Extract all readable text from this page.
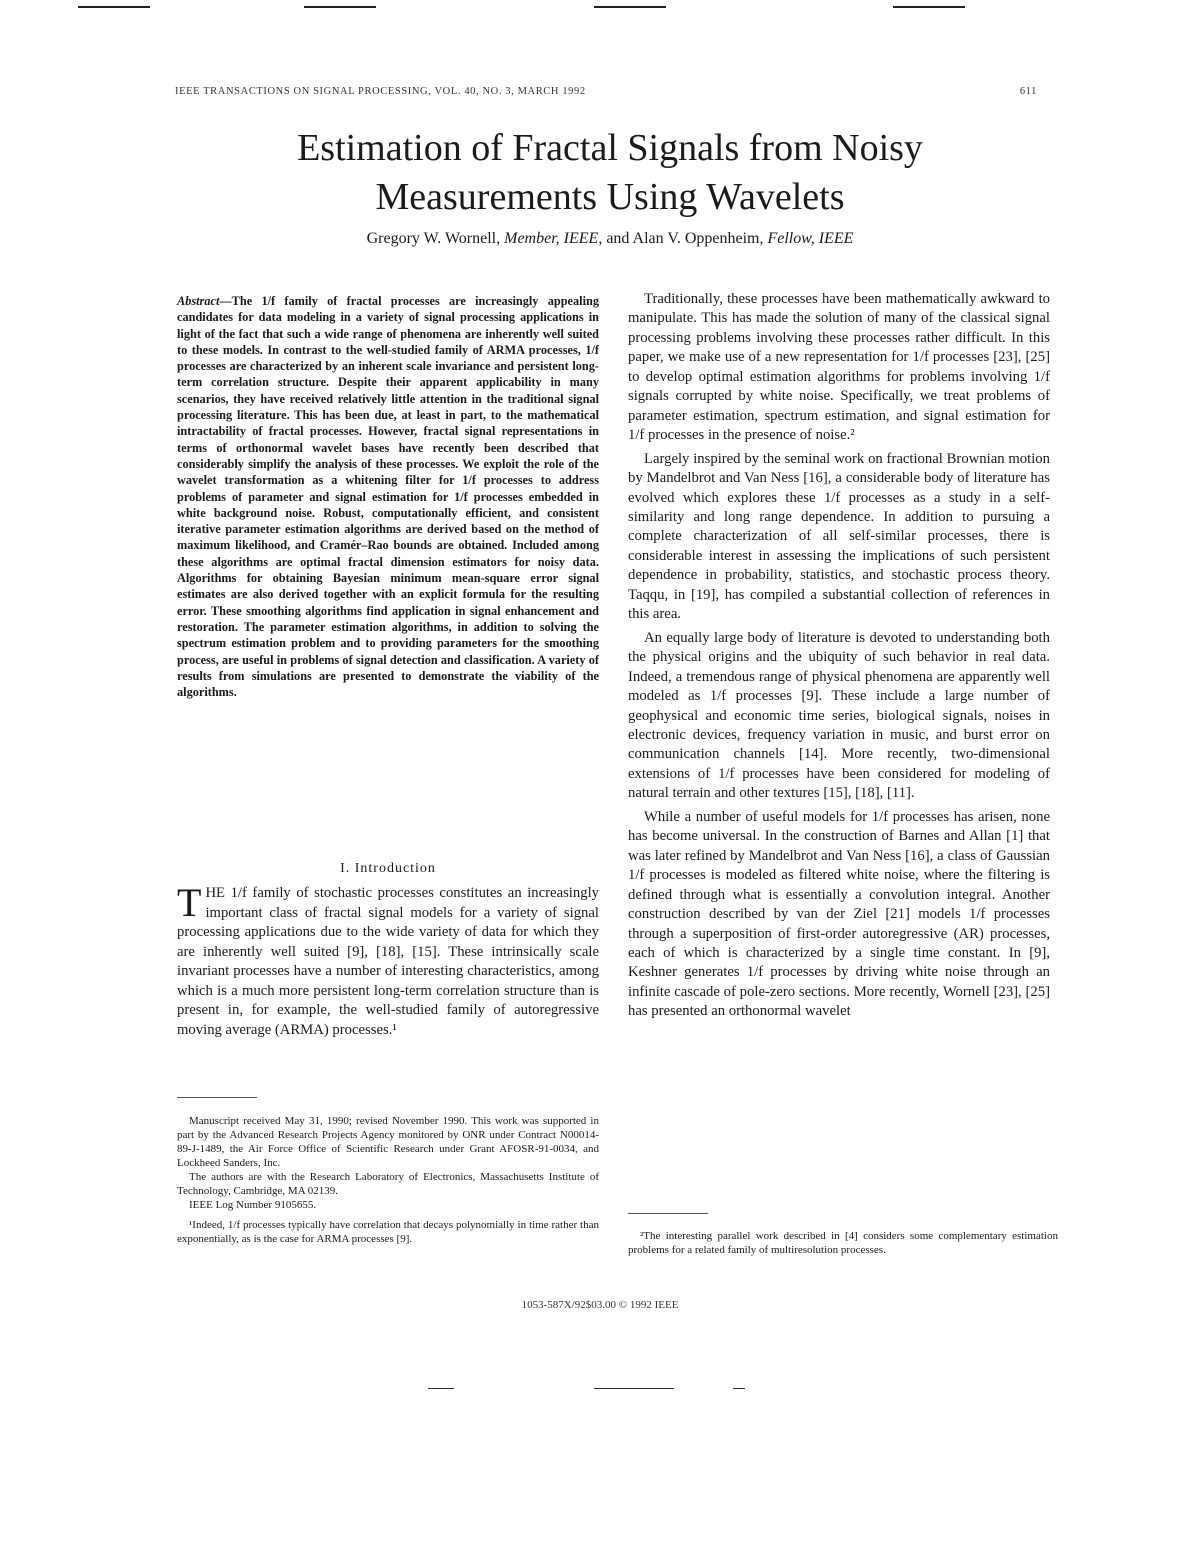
IEEE TRANSACTIONS ON SIGNAL PROCESSING, VOL. 40, NO. 3, MARCH 1992	611
Estimation of Fractal Signals from Noisy
Measurements Using Wavelets
Gregory W. Wornell, Member, IEEE, and Alan V. Oppenheim, Fellow, IEEE
Abstract—The 1/f family of fractal processes are increasingly appealing candidates for data modeling in a variety of signal processing applications in light of the fact that such a wide range of phenomena are inherently well suited to these models. In contrast to the well-studied family of ARMA processes, 1/f processes are characterized by an inherent scale invariance and persistent long-term correlation structure. Despite their apparent applicability in many scenarios, they have received relatively little attention in the traditional signal processing literature. This has been due, at least in part, to the mathematical intractability of fractal processes. However, fractal signal representations in terms of orthonormal wavelet bases have recently been described that considerably simplify the analysis of these processes. We exploit the role of the wavelet transformation as a whitening filter for 1/f processes to address problems of parameter and signal estimation for 1/f processes embedded in white background noise. Robust, computationally efficient, and consistent iterative parameter estimation algorithms are derived based on the method of maximum likelihood, and Cramér–Rao bounds are obtained. Included among these algorithms are optimal fractal dimension estimators for noisy data. Algorithms for obtaining Bayesian minimum mean-square error signal estimates are also derived together with an explicit formula for the resulting error. These smoothing algorithms find application in signal enhancement and restoration. The parameter estimation algorithms, in addition to solving the spectrum estimation problem and to providing parameters for the smoothing process, are useful in problems of signal detection and classification. A variety of results from simulations are presented to demonstrate the viability of the algorithms.
I. Introduction
THE 1/f family of stochastic processes constitutes an increasingly important class of fractal signal models for a variety of signal processing applications due to the wide variety of data for which they are inherently well suited [9], [18], [15]. These intrinsically scale invariant processes have a number of interesting characteristics, among which is a much more persistent long-term correlation structure than is present in, for example, the well-studied family of autoregressive moving average (ARMA) processes.¹

Manuscript received May 31, 1990; revised November 1990. This work was supported in part by the Advanced Research Projects Agency monitored by ONR under Contract N00014-89-J-1489, the Air Force Office of Scientific Research under Grant AFOSR-91-0034, and Lockheed Sanders, Inc.

The authors are with the Research Laboratory of Electronics, Massachusetts Institute of Technology, Cambridge, MA 02139.

IEEE Log Number 9105655.

¹Indeed, 1/f processes typically have correlation that decays polynomially in time rather than exponentially, as is the case for ARMA processes [9].

Traditionally, these processes have been mathematically awkward to manipulate. This has made the solution of many of the classical signal processing problems involving these processes rather difficult. In this paper, we make use of a new representation for 1/f processes [23], [25] to develop optimal estimation algorithms for problems involving 1/f signals corrupted by white noise. Specifically, we treat problems of parameter estimation, spectrum estimation, and signal estimation for 1/f processes in the presence of noise.²

Largely inspired by the seminal work on fractional Brownian motion by Mandelbrot and Van Ness [16], a considerable body of literature has evolved which explores these 1/f processes as a study in a self-similarity and long range dependence. In addition to pursuing a complete characterization of all self-similar processes, there is considerable interest in assessing the implications of such persistent dependence in probability, statistics, and stochastic process theory. Taqqu, in [19], has compiled a substantial collection of references in this area.

An equally large body of literature is devoted to understanding both the physical origins and the ubiquity of such behavior in real data. Indeed, a tremendous range of physical phenomena are apparently well modeled as 1/f processes [9]. These include a large number of geophysical and economic time series, biological signals, noises in electronic devices, frequency variation in music, and burst error on communication channels [14]. More recently, two-dimensional extensions of 1/f processes have been considered for modeling of natural terrain and other textures [15], [18], [11].

While a number of useful models for 1/f processes has arisen, none has become universal. In the construction of Barnes and Allan [1] that was later refined by Mandelbrot and Van Ness [16], a class of Gaussian 1/f processes is modeled as filtered white noise, where the filtering is defined through what is essentially a convolution integral. Another construction described by van der Ziel [21] models 1/f processes through a superposition of first-order autoregressive (AR) processes, each of which is characterized by a single time constant. In [9], Keshner generates 1/f processes by driving white noise through an infinite cascade of pole-zero sections. More recently, Wornell [23], [25] has presented an orthonormal wavelet

²The interesting parallel work described in [4] considers some complementary estimation problems for a related family of multiresolution processes.

1053-587X/92$03.00 © 1992 IEEE
